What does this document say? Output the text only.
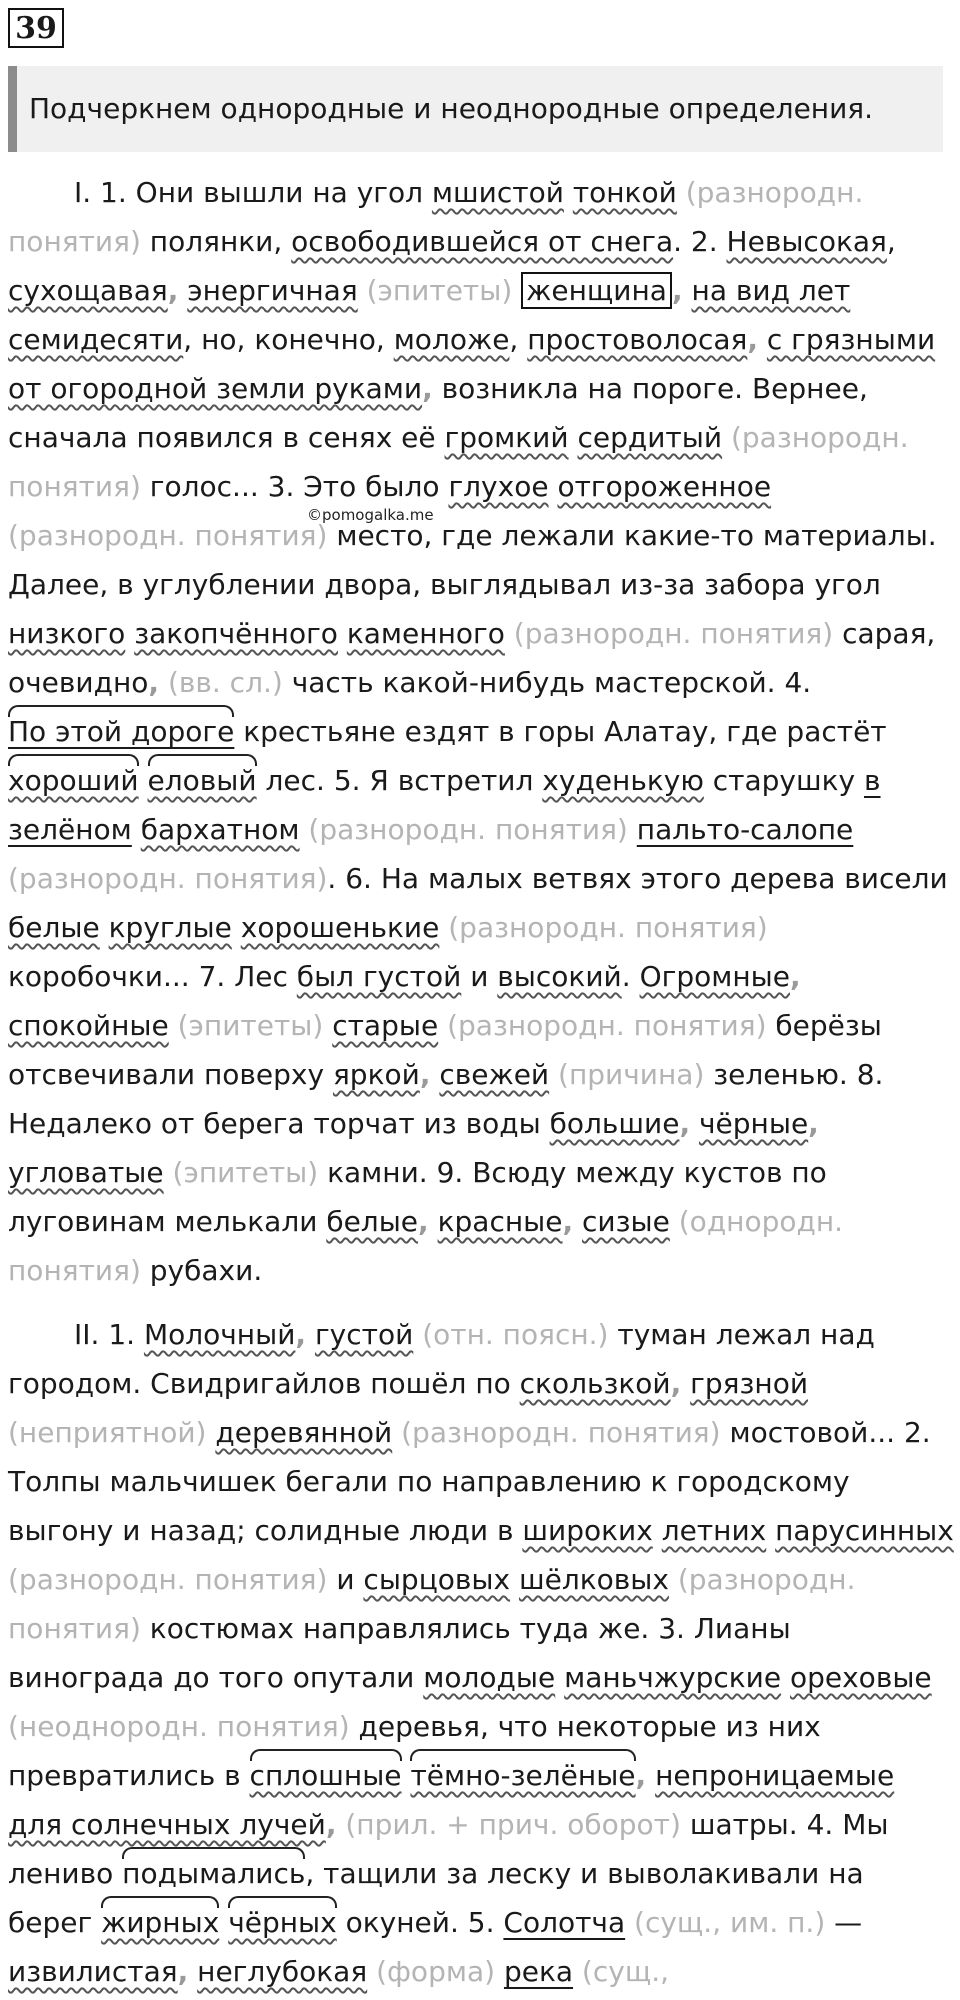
39
Подчеркнем однородные и неоднородные определения.
I. 1. Они вышли на угол мшистой тонкой (разнородн. понятия) полянки, освободившейся от снега. 2. Невысокая, сухощавая, энергичная (эпитеты) женщина , на вид лет семидесяти, но, конечно, моложе, простоволосая, с грязными от огородной земли руками, возникла на пороге. Вернее, сначала появился в сенях её громкий сердитый (разнородн. понятия) голос... 3. Это было глухое отгороженное (разнородн. понятия) место, где лежали какие-то материалы. Далее, в углублении двора, выглядывал из-за забора угол низкого закопчённого каменного (разнородн. понятия) сарая, очевидно, (вв. сл.) часть какой-нибудь мастерской. 4. По этой дороге крестьяне ездят в горы Алатау, где растёт хороший еловый лес. 5. Я встретил худенькую старушку в зелёном бархатном (разнородн. понятия) пальто-салопе (разнородн. понятия). 6. На малых ветвях этого дерева висели белые круглые хорошенькие (разнородн. понятия) коробочки... 7. Лес был густой и высокий. Огромные, спокойные (эпитеты) старые (разнородн. понятия) берёзы отсвечивали поверху яркой, свежей (причина) зеленью. 8. Недалеко от берега торчат из воды большие, чёрные, угловатые (эпитеты) камни. 9. Всюду между кустов по луговинам мелькали белые, красные, сизые (однородн. понятия) рубахи.
©pomogalka.me
II. 1. Молочный, густой (отн. поясн.) туман лежал над городом. Свидригайлов пошёл по скользкой, грязной (неприятной) деревянной (разнородн. понятия) мостовой... 2. Толпы мальчишек бегали по направлению к городскому выгону и назад; солидные люди в широких летних парусинных (разнородн. понятия) и сырцовых шёлковых (разнородн. понятия) костюмах направлялись туда же. 3. Лианы винограда до того опутали молодые маньчжурские ореховые (неоднородн. понятия) деревья, что некоторые из них превратились в сплошные тёмно-зелёные, непроницаемые для солнечных лучей, (прил. + прич. оборот) шатры. 4. Мы лениво подымались, тащили за леску и выволакивали на берег жирных чёрных окуней. 5. Солотча (сущ., им. п.) — извилистая, неглубокая (форма) река (сущ.,
